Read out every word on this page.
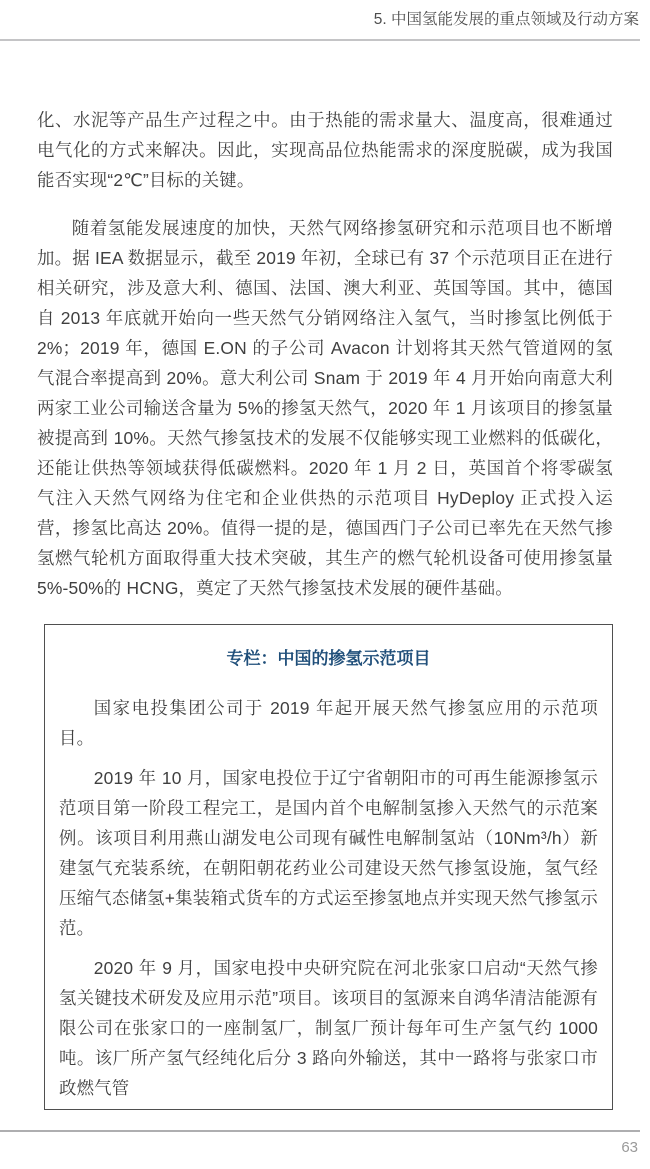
5. 中国氢能发展的重点领域及行动方案

化、水泥等产品生产过程之中。由于热能的需求量大、温度高，很难通过电气化的方式来解决。因此，实现高品位热能需求的深度脱碳，成为我国能否实现“2℃”目标的关键。

随着氢能发展速度的加快，天然气网络掺氢研究和示范项目也不断增加。据 IEA 数据显示，截至 2019 年初，全球已有 37 个示范项目正在进行相关研究，涉及意大利、德国、法国、澳大利亚、英国等国。其中，德国自 2013 年底就开始向一些天然气分销网络注入氢气，当时掺氢比例低于 2%；2019 年，德国 E.ON 的子公司 Avacon 计划将其天然气管道网的氢气混合率提高到 20%。意大利公司 Snam 于 2019 年 4 月开始向南意大利两家工业公司输送含量为 5%的掺氢天然气，2020 年 1 月该项目的掺氢量被提高到 10%。天然气掺氢技术的发展不仅能够实现工业燃料的低碳化，还能让供热等领域获得低碳燃料。2020 年 1 月 2 日，英国首个将零碳氢气注入天然气网络为住宅和企业供热的示范项目 HyDeploy 正式投入运营，掺氢比高达 20%。值得一提的是，德国西门子公司已率先在天然气掺氢燃气轮机方面取得重大技术突破，其生产的燃气轮机设备可使用掺氢量 5%-50%的 HCNG，奠定了天然气掺氢技术发展的硬件基础。

专栏：中国的掺氢示范项目

国家电投集团公司于 2019 年起开展天然气掺氢应用的示范项目。

2019 年 10 月，国家电投位于辽宁省朝阳市的可再生能源掺氢示范项目第一阶段工程完工，是国内首个电解制氢掺入天然气的示范案例。该项目利用燕山湖发电公司现有碱性电解制氢站（10Nm³/h）新建氢气充装系统，在朝阳朝花药业公司建设天然气掺氢设施，氢气经压缩气态储氢+集装箱式货车的方式运至掺氢地点并实现天然气掺氢示范。

2020 年 9 月，国家电投中央研究院在河北张家口启动“天然气掺氢关键技术研发及应用示范”项目。该项目的氢源来自鸿华清洁能源有限公司在张家口的一座制氢厂，制氢厂预计每年可生产氢气约 1000 吨。该厂所产氢气经纯化后分 3 路向外输送，其中一路将与张家口市政燃气管

63
